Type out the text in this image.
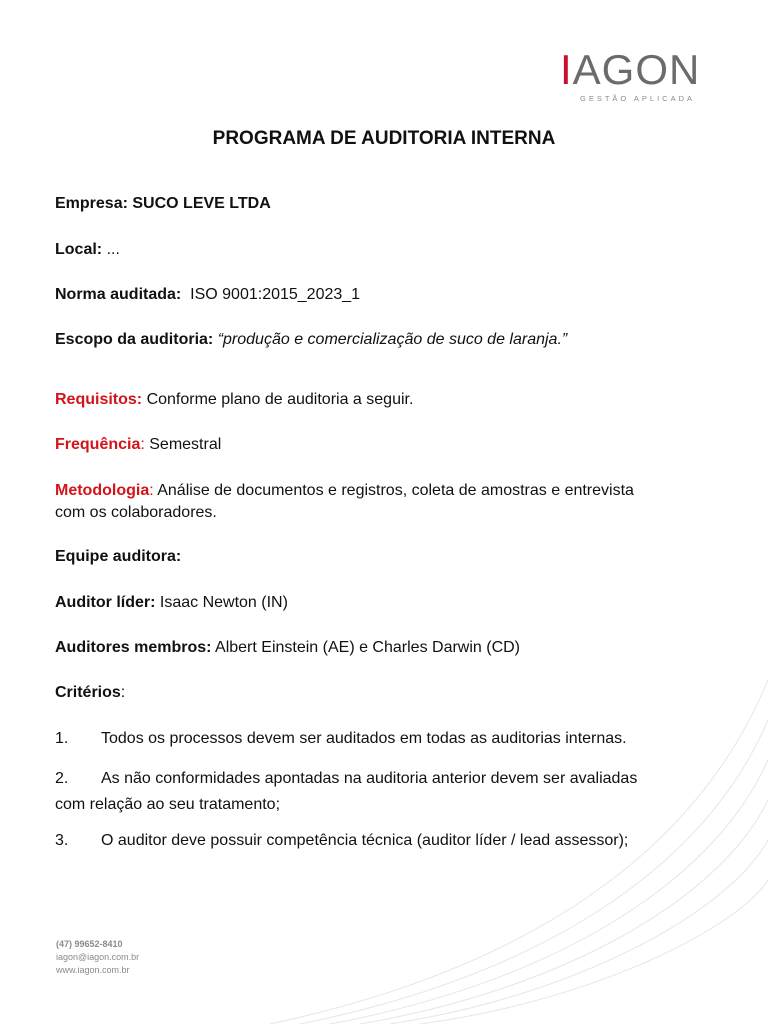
IAGON
GESTÃO APLICADA
PROGRAMA DE AUDITORIA INTERNA
Empresa: SUCO LEVE LTDA
Local: ...
Norma auditada:  ISO 9001:2015_2023_1
Escopo da auditoria: “produção e comercialização de suco de laranja.”
Requisitos: Conforme plano de auditoria a seguir.
Frequência: Semestral
Metodologia: Análise de documentos e registros, coleta de amostras e entrevista
com os colaboradores.
Equipe auditora:
Auditor líder: Isaac Newton (IN)
Auditores membros: Albert Einstein (AE) e Charles Darwin (CD)
Critérios:
1. Todos os processos devem ser auditados em todas as auditorias internas.
2. As não conformidades apontadas na auditoria anterior devem ser avaliadas
com relação ao seu tratamento;
3. O auditor deve possuir competência técnica (auditor líder / lead assessor);
(47) 99652-8410
iagon@iagon.com.br
www.iagon.com.br
